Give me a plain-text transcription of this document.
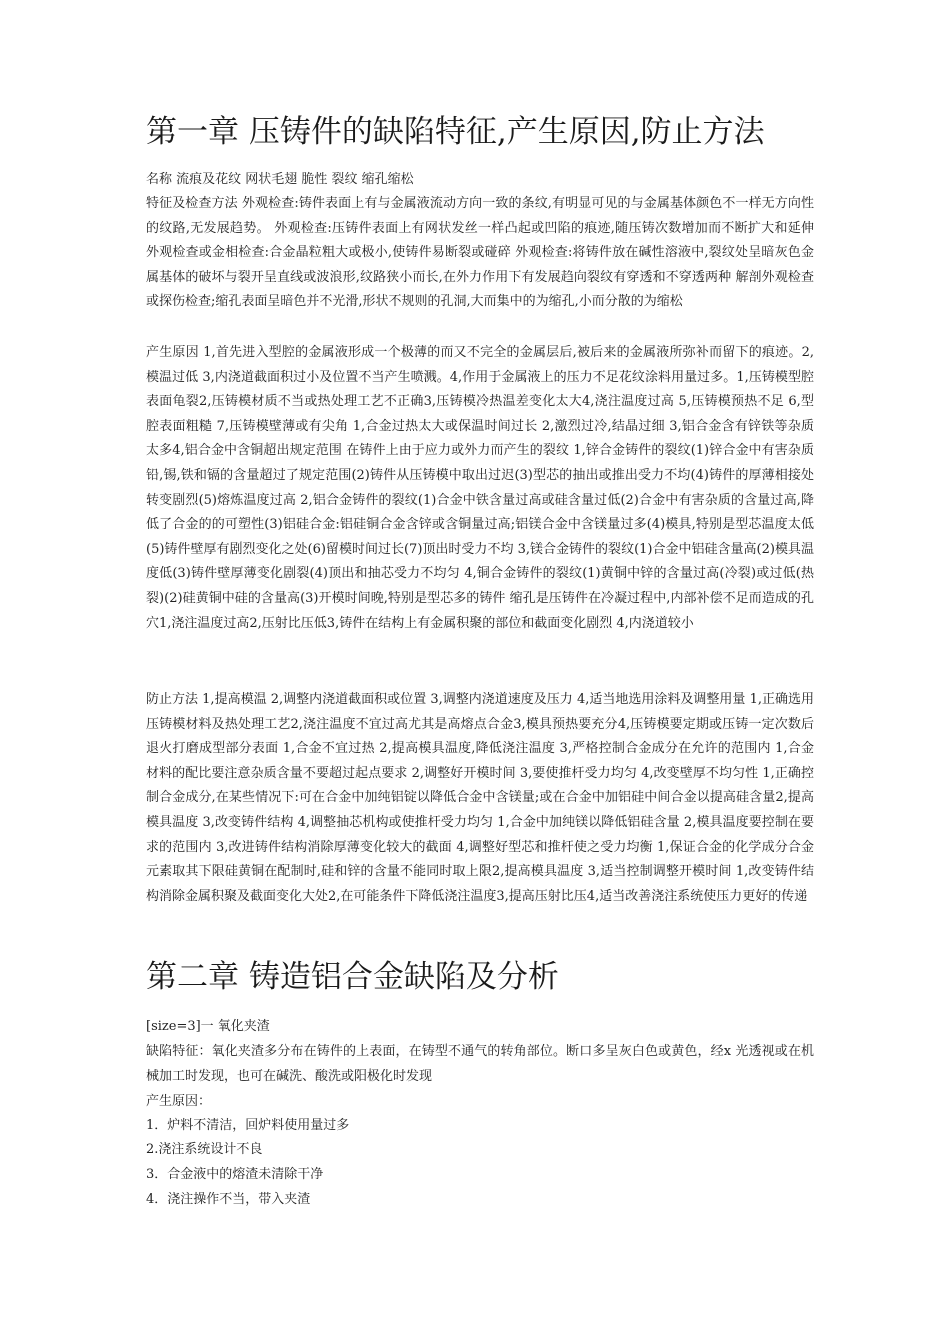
第一章 压铸件的缺陷特征,产生原因,防止方法
名称 流痕及花纹 网状毛翅 脆性 裂纹 缩孔缩松
特征及检查方法 外观检查:铸件表面上有与金属液流动方向一致的条纹,有明显可见的与金属基体颜色不一样无方向性的纹路,无发展趋势。 外观检查:压铸件表面上有网状发丝一样凸起或凹陷的痕迹,随压铸次数增加而不断扩大和延伸 外观检查或金相检查:合金晶粒粗大或极小,使铸件易断裂或碰碎 外观检查:将铸件放在碱性溶液中,裂纹处呈暗灰色金属基体的破坏与裂开呈直线或波浪形,纹路狭小而长,在外力作用下有发展趋向裂纹有穿透和不穿透两种 解剖外观检查或探伤检查;缩孔表面呈暗色并不光滑,形状不规则的孔洞,大而集中的为缩孔,小而分散的为缩松
产生原因 1,首先进入型腔的金属液形成一个极薄的而又不完全的金属层后,被后来的金属液所弥补而留下的痕迹。2,模温过低 3,内浇道截面积过小及位置不当产生喷溅。4,作用于金属液上的压力不足花纹涂料用量过多。1,压铸模型腔表面龟裂2,压铸模材质不当或热处理工艺不正确3,压铸模冷热温差变化太大4,浇注温度过高 5,压铸模预热不足 6,型腔表面粗糙 7,压铸模壁薄或有尖角 1,合金过热太大或保温时间过长 2,激烈过冷,结晶过细 3,铝合金含有锌铁等杂质太多4,铝合金中含铜超出规定范围 在铸件上由于应力或外力而产生的裂纹 1,锌合金铸件的裂纹(1)锌合金中有害杂质铅,锡,铁和镉的含量超过了规定范围(2)铸件从压铸模中取出过迟(3)型芯的抽出或推出受力不均(4)铸件的厚薄相接处转变剧烈(5)熔炼温度过高 2,铝合金铸件的裂纹(1)合金中铁含量过高或硅含量过低(2)合金中有害杂质的含量过高,降低了合金的的可塑性(3)铝硅合金:铝硅铜合金含锌或含铜量过高;铝镁合金中含镁量过多(4)模具,特别是型芯温度太低(5)铸件壁厚有剧烈变化之处(6)留模时间过长(7)顶出时受力不均 3,镁合金铸件的裂纹(1)合金中铝硅含量高(2)模具温度低(3)铸件壁厚薄变化剧裂(4)顶出和抽芯受力不均匀 4,铜合金铸件的裂纹(1)黄铜中锌的含量过高(冷裂)或过低(热裂)(2)硅黄铜中硅的含量高(3)开模时间晚,特别是型芯多的铸件 缩孔是压铸件在冷凝过程中,内部补偿不足而造成的孔穴1,浇注温度过高2,压射比压低3,铸件在结构上有金属积聚的部位和截面变化剧烈 4,内浇道较小
防止方法 1,提高模温 2,调整内浇道截面积或位置 3,调整内浇道速度及压力 4,适当地选用涂料及调整用量 1,正确选用压铸模材料及热处理工艺2,浇注温度不宜过高尤其是高熔点合金3,模具预热要充分4,压铸模要定期或压铸一定次数后退火打磨成型部分表面 1,合金不宜过热 2,提高模具温度,降低浇注温度 3,严格控制合金成分在允许的范围内 1,合金材料的配比要注意杂质含量不要超过起点要求 2,调整好开模时间 3,要使推杆受力均匀 4,改变壁厚不均匀性 1,正确控制合金成分,在某些情况下:可在合金中加纯铝锭以降低合金中含镁量;或在合金中加铝硅中间合金以提高硅含量2,提高模具温度 3,改变铸件结构 4,调整抽芯机构或使推杆受力均匀 1,合金中加纯镁以降低铝硅含量 2,模具温度要控制在要求的范围内 3,改进铸件结构消除厚薄变化较大的截面 4,调整好型芯和推杆使之受力均衡 1,保证合金的化学成分合金元素取其下限硅黄铜在配制时,硅和锌的含量不能同时取上限2,提高模具温度 3,适当控制调整开模时间 1,改变铸件结构消除金属积聚及截面变化大处2,在可能条件下降低浇注温度3,提高压射比压4,适当改善浇注系统使压力更好的传递
第二章 铸造铝合金缺陷及分析
[size=3]一 氧化夹渣
缺陷特征：氧化夹渣多分布在铸件的上表面，在铸型不通气的转角部位。断口多呈灰白色或黄色，经x 光透视或在机械加工时发现，也可在碱洗、酸洗或阳极化时发现
产生原因：
1．炉料不清洁，回炉料使用量过多
2.浇注系统设计不良
3．合金液中的熔渣未清除干净
4．浇注操作不当，带入夹渣
